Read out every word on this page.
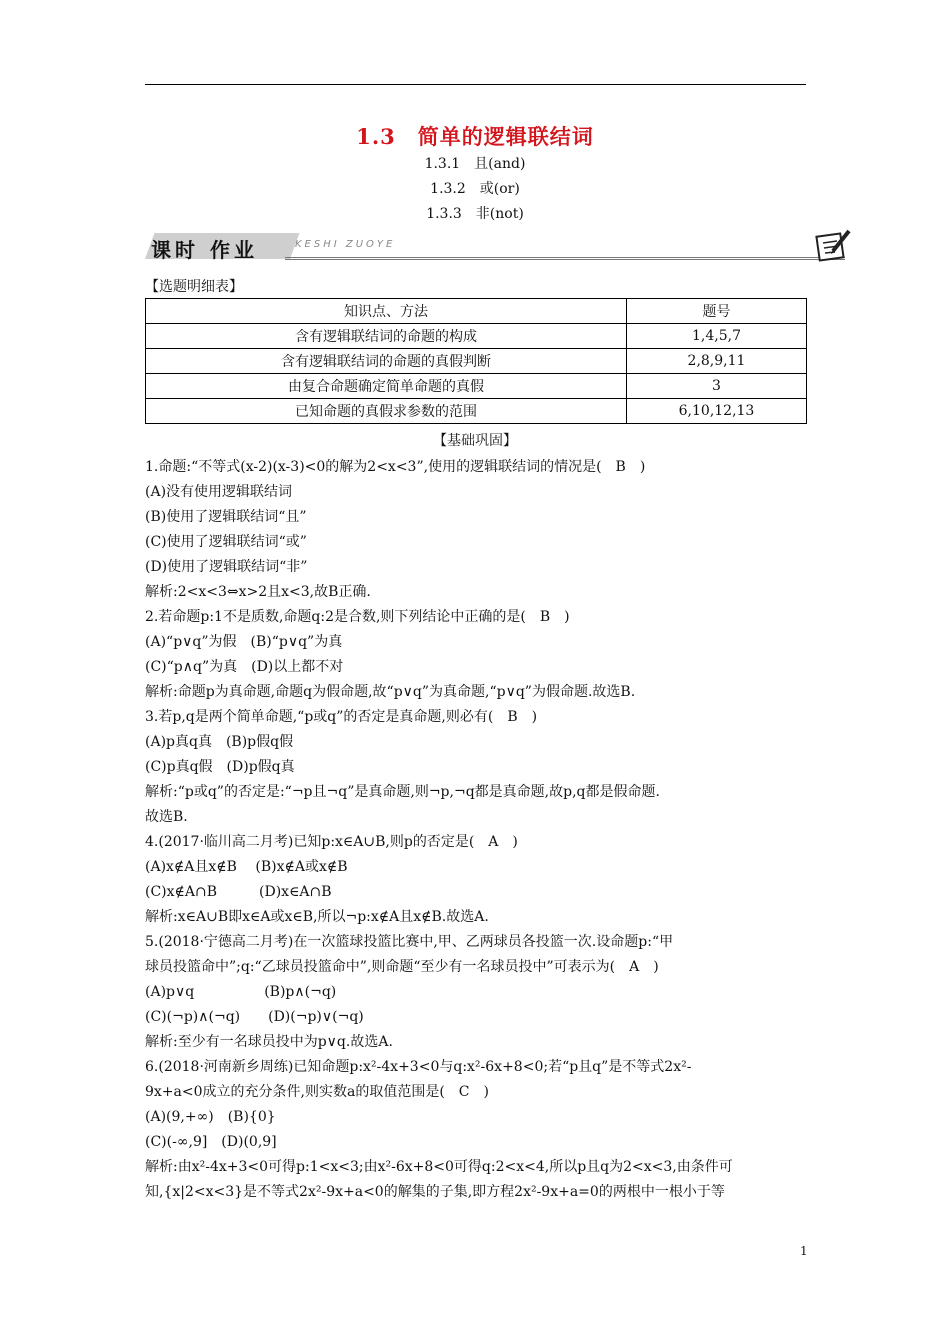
1.3　简单的逻辑联结词
1.3.1　且(and)
1.3.2　或(or)
1.3.3　非(not)
课时 作业	KESHI ZUOYE
【选题明细表】
知识点、方法	题号
含有逻辑联结词的命题的构成	1,4,5,7
含有逻辑联结词的命题的真假判断	2,8,9,11
由复合命题确定简单命题的真假	3
已知命题的真假求参数的范围	6,10,12,13
【基础巩固】
1.命题:“不等式(x-2)(x-3)<0的解为2<x<3”,使用的逻辑联结词的情况是(　B　)
(A)没有使用逻辑联结词
(B)使用了逻辑联结词“且”
(C)使用了逻辑联结词“或”
(D)使用了逻辑联结词“非”
解析:2<x<3⇔x>2且x<3,故B正确.
2.若命题p:1不是质数,命题q:2是合数,则下列结论中正确的是(　B　)
(A)“p∨q”为假　(B)“p∨q”为真
(C)“p∧q”为真　(D)以上都不对
解析:命题p为真命题,命题q为假命题,故“p∨q”为真命题,“p∨q”为假命题.故选B.
3.若p,q是两个简单命题,“p或q”的否定是真命题,则必有(　B　)
(A)p真q真　(B)p假q假
(C)p真q假　(D)p假q真
解析:“p或q”的否定是:“¬p且¬q”是真命题,则¬p,¬q都是真命题,故p,q都是假命题.
故选B.
4.(2017·临川高二月考)已知p:x∈A∪B,则p的否定是(　A　)
(A)x∉A且x∉B　 (B)x∉A或x∉B
(C)x∉A∩B　　　(D)x∈A∩B
解析:x∈A∪B即x∈A或x∈B,所以¬p:x∉A且x∉B.故选A.
5.(2018·宁德高二月考)在一次篮球投篮比赛中,甲、乙两球员各投篮一次.设命题p:“甲
球员投篮命中”;q:“乙球员投篮命中”,则命题“至少有一名球员投中”可表示为(　A　)
(A)p∨q　　　　　(B)p∧(¬q)
(C)(¬p)∧(¬q)　　(D)(¬p)∨(¬q)
解析:至少有一名球员投中为p∨q.故选A.
6.(2018·河南新乡周练)已知命题p:x²-4x+3<0与q:x²-6x+8<0;若“p且q”是不等式2x²-
9x+a<0成立的充分条件,则实数a的取值范围是(　C　)
(A)(9,+∞)　(B){0}
(C)(-∞,9]　(D)(0,9]
解析:由x²-4x+3<0可得p:1<x<3;由x²-6x+8<0可得q:2<x<4,所以p且q为2<x<3,由条件可
知,{x|2<x<3}是不等式2x²-9x+a<0的解集的子集,即方程2x²-9x+a=0的两根中一根小于等
1
